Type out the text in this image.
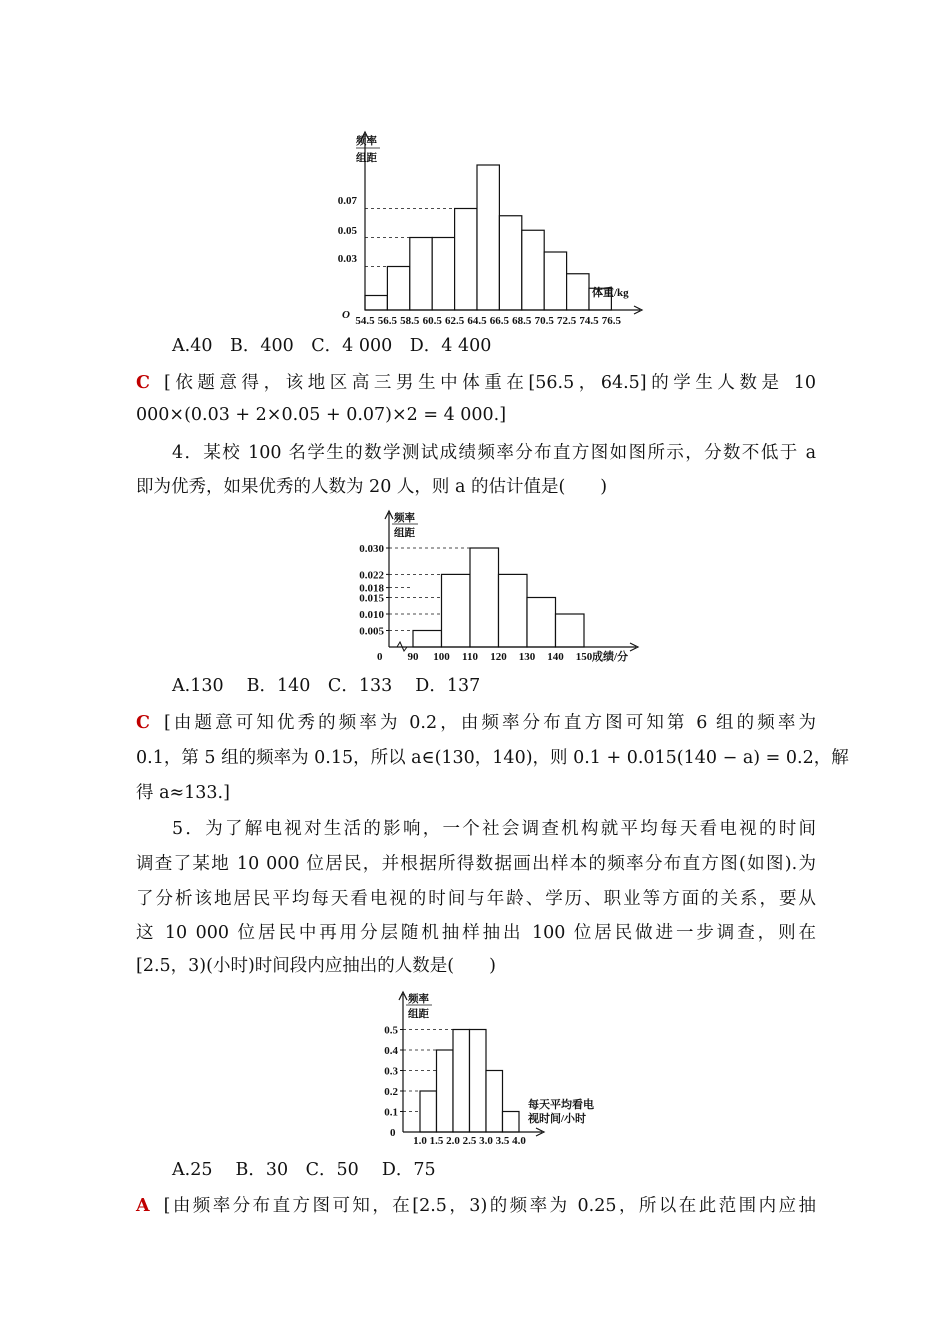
频率
组距
0.07
0.05
0.03
体重/kg
O 54.5 56.5 58.5 60.5 62.5 64.5 66.5 68.5 70.5 72.5 74.5 76.5
A.40　B．400　C．4 000　D．4 400
C [依题意得，该地区高三男生中体重在[56.5，64.5]的学生人数是 10
000×(0.03 + 2×0.05 + 0.07)×2 = 4 000.]
4．某校 100 名学生的数学测试成绩频率分布直方图如图所示，分数不低于 a
即为优秀，如果优秀的人数为 20 人，则 a 的估计值是(　　)
频率
组距
0.030
0.022
0.018
0.015
0.010
0.005
0 90 100 110 120 130 140 150 成绩/分
A.130　 B．140　C．133　 D．137
C [由题意可知优秀的频率为 0.2，由频率分布直方图可知第 6 组的频率为
0.1，第 5 组的频率为 0.15，所以 a∈(130，140)，则 0.1 + 0.015(140 − a) = 0.2，解
得 a≈133.]
5．为了解电视对生活的影响，一个社会调查机构就平均每天看电视的时间
调查了某地 10 000 位居民，并根据所得数据画出样本的频率分布直方图(如图).为
了分析该地居民平均每天看电视的时间与年龄、学历、职业等方面的关系，要从
这 10 000 位居民中再用分层随机抽样抽出 100 位居民做进一步调查，则在
[2.5，3)(小时)时间段内应抽出的人数是(　　)
频率
组距
0.5
0.4
0.3
0.2
0.1
0
1.0 1.5 2.0 2.5 3.0 3.5 4.0
每天平均看电
视时间/小时
A.25　 B．30　C．50　 D．75
A [由频率分布直方图可知，在[2.5，3)的频率为 0.25，所以在此范围内应抽
